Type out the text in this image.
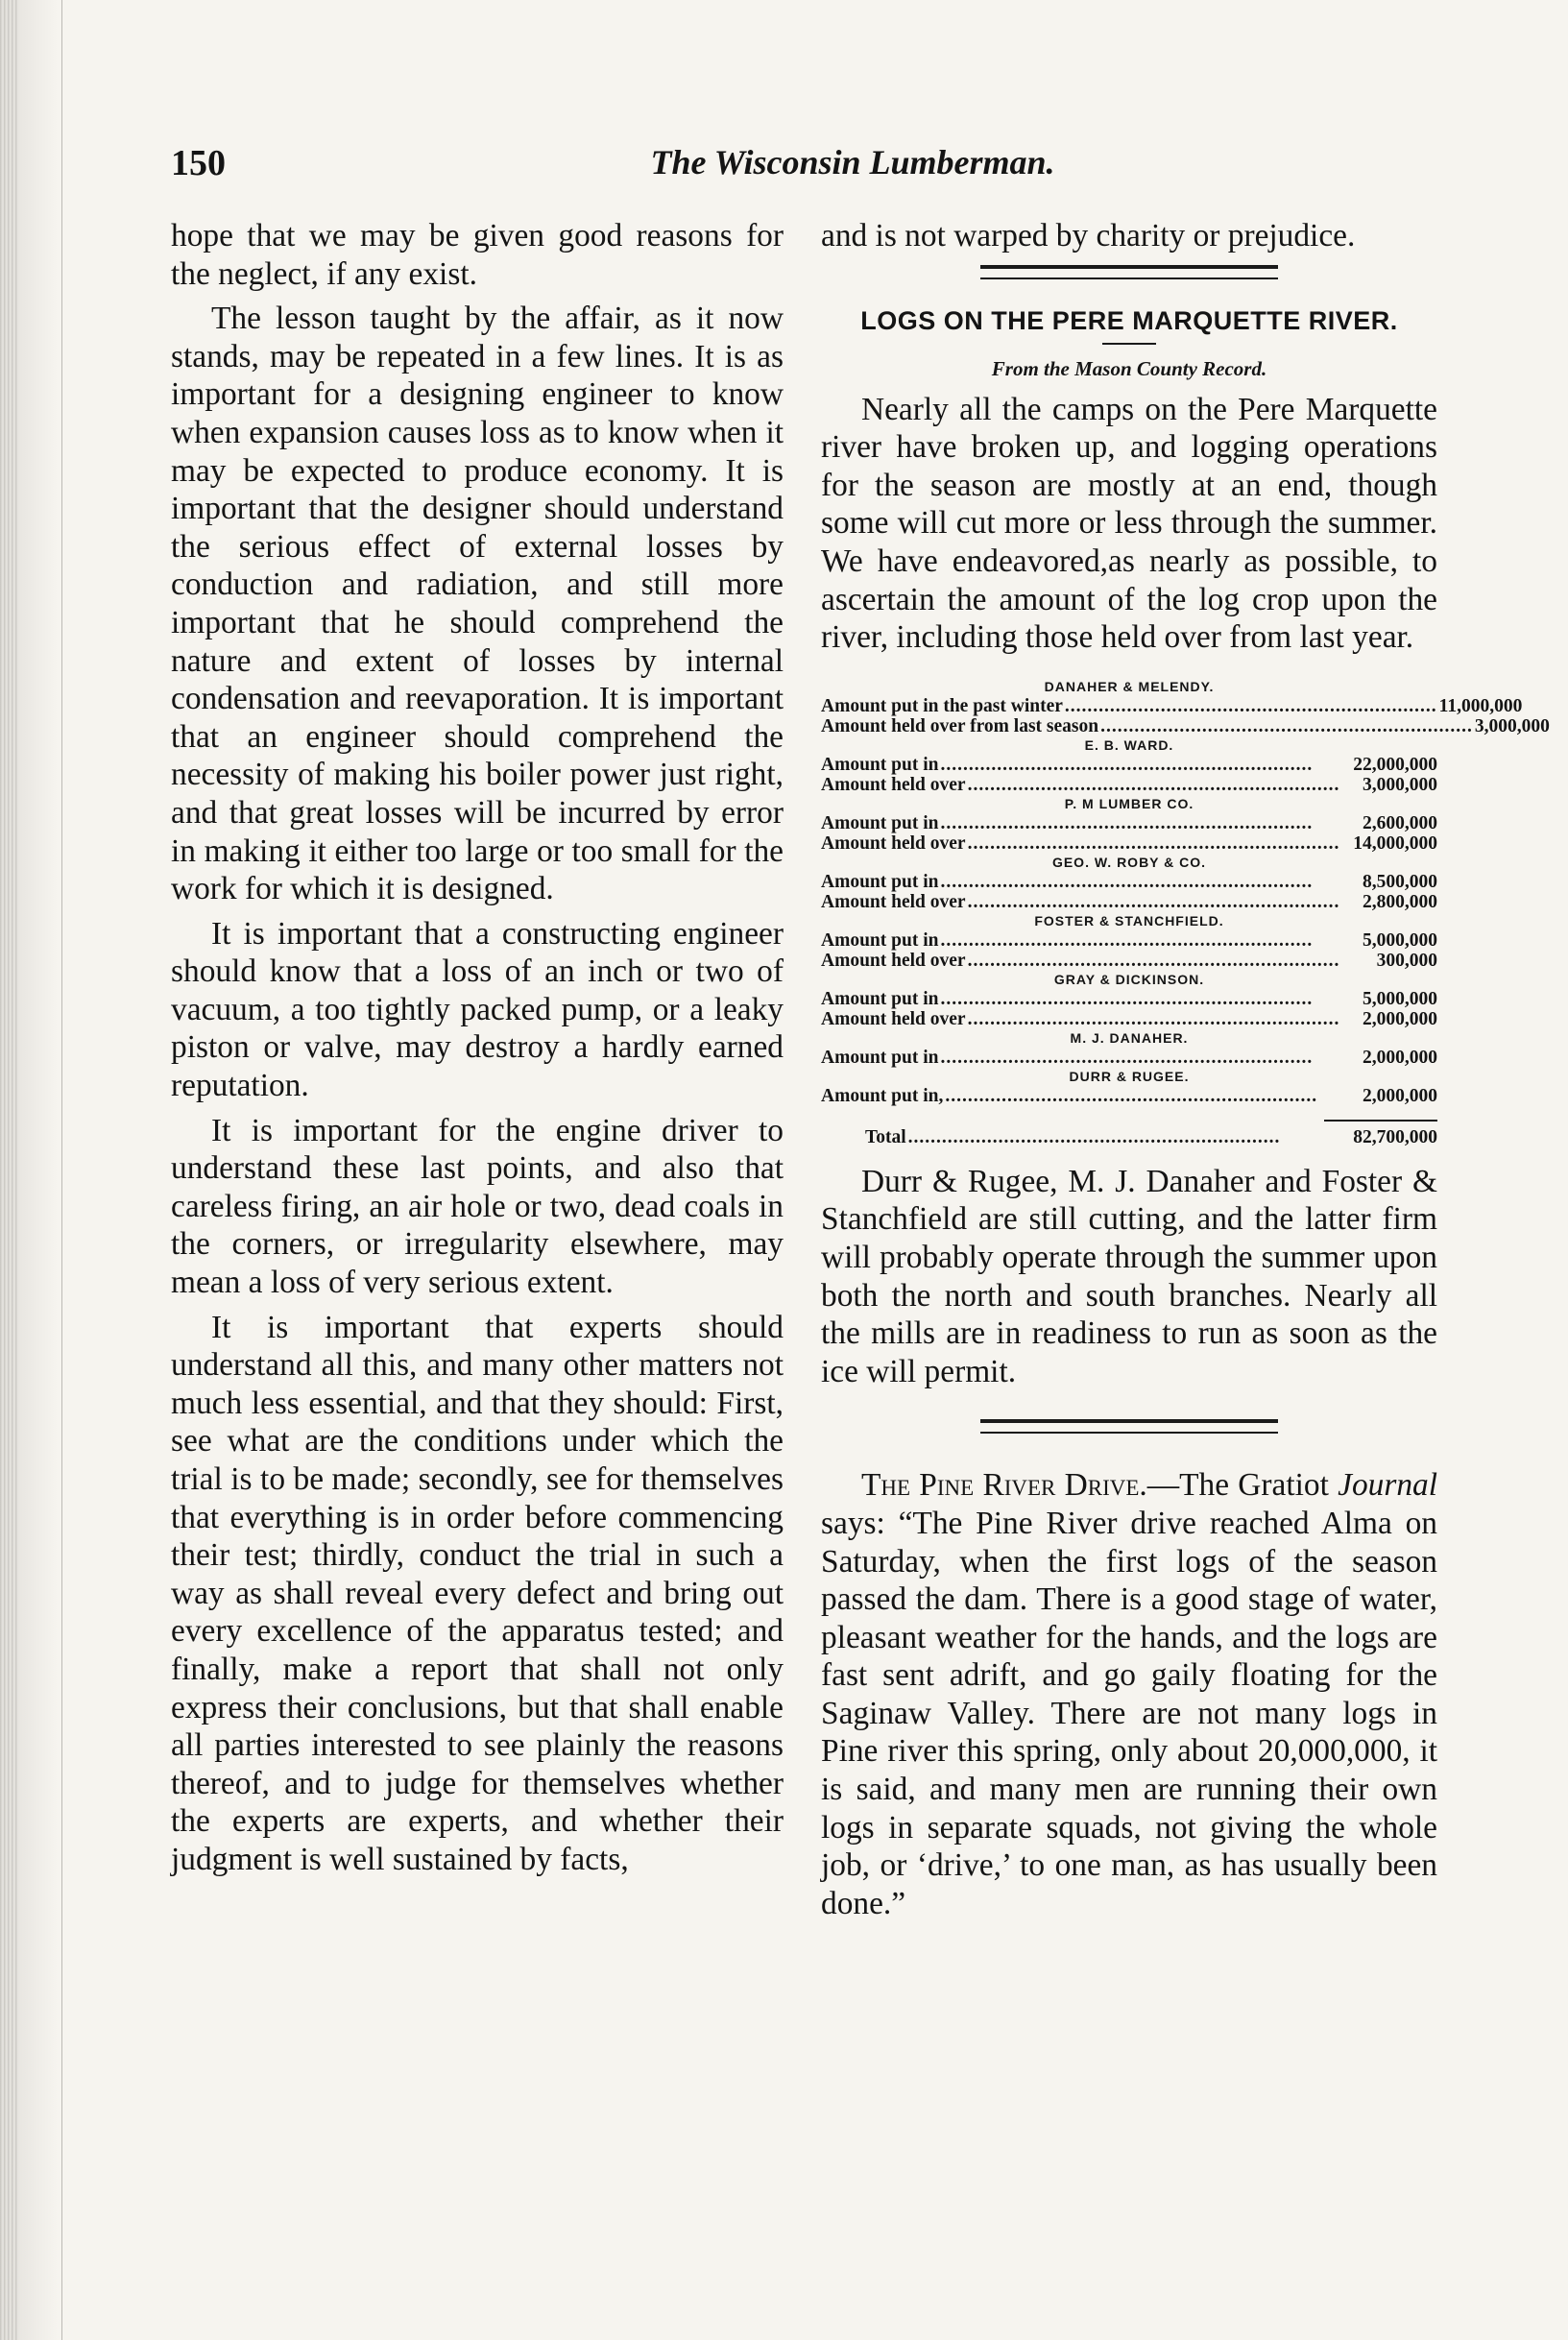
150	The Wisconsin Lumberman.

hope that we may be given good reasons for the neglect, if any exist.

The lesson taught by the affair, as it now stands, may be repeated in a few lines. It is as important for a designing engineer to know when expansion causes loss as to know when it may be expected to produce economy. It is important that the designer should understand the serious effect of external losses by conduction and radiation, and still more important that he should comprehend the nature and extent of losses by internal condensation and reevaporation. It is important that an engineer should comprehend the necessity of making his boiler power just right, and that great losses will be incurred by error in making it either too large or too small for the work for which it is designed.

It is important that a constructing engineer should know that a loss of an inch or two of vacuum, a too tightly packed pump, or a leaky piston or valve, may destroy a hardly earned reputation.

It is important for the engine driver to understand these last points, and also that careless firing, an air hole or two, dead coals in the corners, or irregularity elsewhere, may mean a loss of very serious extent.

It is important that experts should understand all this, and many other matters not much less essential, and that they should: First, see what are the conditions under which the trial is to be made; secondly, see for themselves that everything is in order before commencing their test; thirdly, conduct the trial in such a way as shall reveal every defect and bring out every excellence of the apparatus tested; and finally, make a report that shall not only express their conclusions, but that shall enable all parties interested to see plainly the reasons thereof, and to judge for themselves whether the experts are experts, and whether their judgment is well sustained by facts,

and is not warped by charity or prejudice.

LOGS ON THE PERE MARQUETTE RIVER.
From the Mason County Record.

Nearly all the camps on the Pere Marquette river have broken up, and logging operations for the season are mostly at an end, though some will cut more or less through the summer. We have endeavored,as nearly as possible, to ascertain the amount of the log crop upon the river, including those held over from last year.

DANAHER & MELENDY.
Amount put in the past winter .................................................................. 11,000,000
Amount held over from last season .................................................................. 3,000,000
E. B. WARD.
Amount put in ..................................................................	22,000,000
Amount held over ..................................................................	3,000,000
P. M LUMBER CO.
Amount put in ..................................................................	2,600,000
Amount held over .................................................................. 14,000,000
GEO. W. ROBY & CO.
Amount put in ..................................................................	8,500,000
Amount held over ..................................................................	2,800,000
FOSTER & STANCHFIELD.
Amount put in ..................................................................	5,000,000
Amount held over ..................................................................	300,000
GRAY & DICKINSON.
Amount put in ..................................................................	5,000,000
Amount held over ..................................................................	2,000,000
M. J. DANAHER.
Amount put in ..................................................................	2,000,000
DURR & RUGEE.
Amount put in, ..................................................................	2,000,000
Total ..................................................................	82,700,000

Durr & Rugee, M. J. Danaher and Foster & Stanchfield are still cutting, and the latter firm will probably operate through the summer upon both the north and south branches. Nearly all the mills are in readiness to run as soon as the ice will permit.

The Pine River Drive.—The Gratiot Journal says: “The Pine River drive reached Alma on Saturday, when the first logs of the season passed the dam. There is a good stage of water, pleasant weather for the hands, and the logs are fast sent adrift, and go gaily floating for the Saginaw Valley. There are not many logs in Pine river this spring, only about 20,000,000, it is said, and many men are running their own logs in separate squads, not giving the whole job, or ‘drive,’ to one man, as has usually been done.”
